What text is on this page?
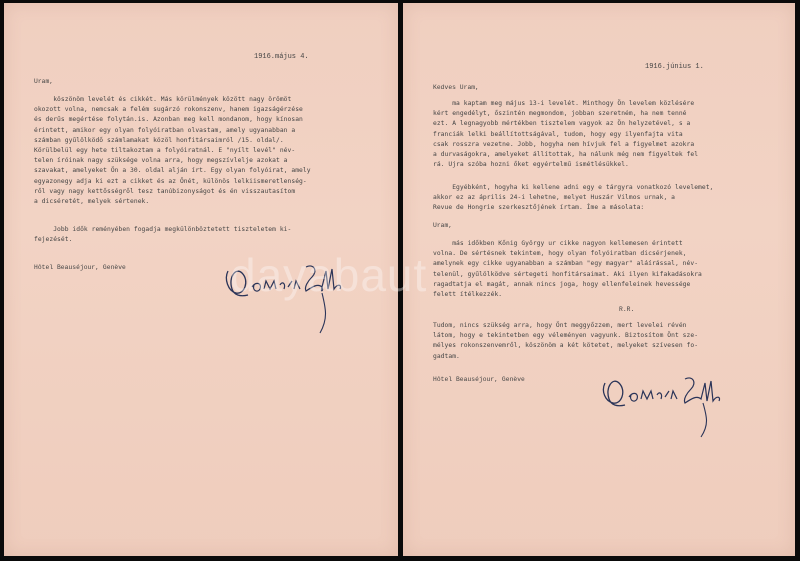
1916.május 4.
Uram,
köszönöm levelét és cikkét. Más körülmények között nagy örömöt
okozott volna, nemcsak a felém sugárzó rokonszenv, hanem igazságérzése
és derűs megértése folytán.is. Azonban meg kell mondanom, hogy kínosan
érintett, amikor egy olyan folyóiratban olvastam, amely ugyanabban a
számban gyűlölködő számlamakat közöl honfitársaimról /15. oldal/.
Körülbelül egy hete tiltakoztam a folyóiratnál. E "nyílt levél" név-
telen íróinak nagy szüksége volna arra, hogy megszívlelje azokat a
szavakat, amelyeket Ön a 30. oldal alján írt. Egy olyan folyóirat, amely
egyazonegy adja ki ezt a cikket és az Önét, különös lelkiismeretlenség-
ről vagy nagy kettősségről tesz tanúbizonyságot és én visszautasítom
a dicséretét, melyek sértenek.
Jobb idők reményében fogadja megkülönböztetett tiszteletem ki-
fejezését.
Hôtel Beauséjour, Genève
1916.június 1.
Kedves Uram,
ma kaptam meg május 13-i levelét. Minthogy Ön levelem közlésére
kért engedélyt, őszintén megmondom, jobban szeretném, ha nem tenné
ezt. A legnagyobb mértékben tisztelem vagyok az Ön helyzetével, s a
franciák lelki beállítottságával, tudom, hogy egy ilyenfajta vita
csak rosszra vezetne. Jobb, hogyha nem hívjuk fel a figyelmet azokra
a durvaságokra, amelyeket állítottak, ha nálunk még nem figyeltek fel
rá. Ujra szóba hozni őket egyértelmű ismétlésükkel.
Egyébként, hogyha ki kellene adni egy e tárgyra vonatkozó levelemet,
akkor ez az április 24-i lehetne, melyet Huszár Vilmos urnak, a
Revue de Hongrie szerkesztőjének írtam. Íme a másolata:
Uram,
más időkben Kőnig György ur cikke nagyon kellemesen érintett
volna. De sértésnek tekintem, hogy olyan folyóiratban dicsérjenek,
amelynek egy cikke ugyanabban a számban "egy magyar" aláírással, név-
telenül, gyűlölködve sértegeti honfitársaimat. Aki ilyen kifakadásokra
ragadtatja el magát, annak nincs joga, hogy ellenfeleinek hevessége
felett ítélkezzék.
R.R.
Tudom, nincs szükség arra, hogy Önt meggyőzzem, mert levelei révén
látom, hogy e tekintetben egy véleményen vagyunk. Biztosítom Önt sze-
mélyes rokonszenvemről, köszönöm a két kötetet, melyeket szívesen fo-
gadtam.
Hôtel Beauséjour, Genève
dayabaut
